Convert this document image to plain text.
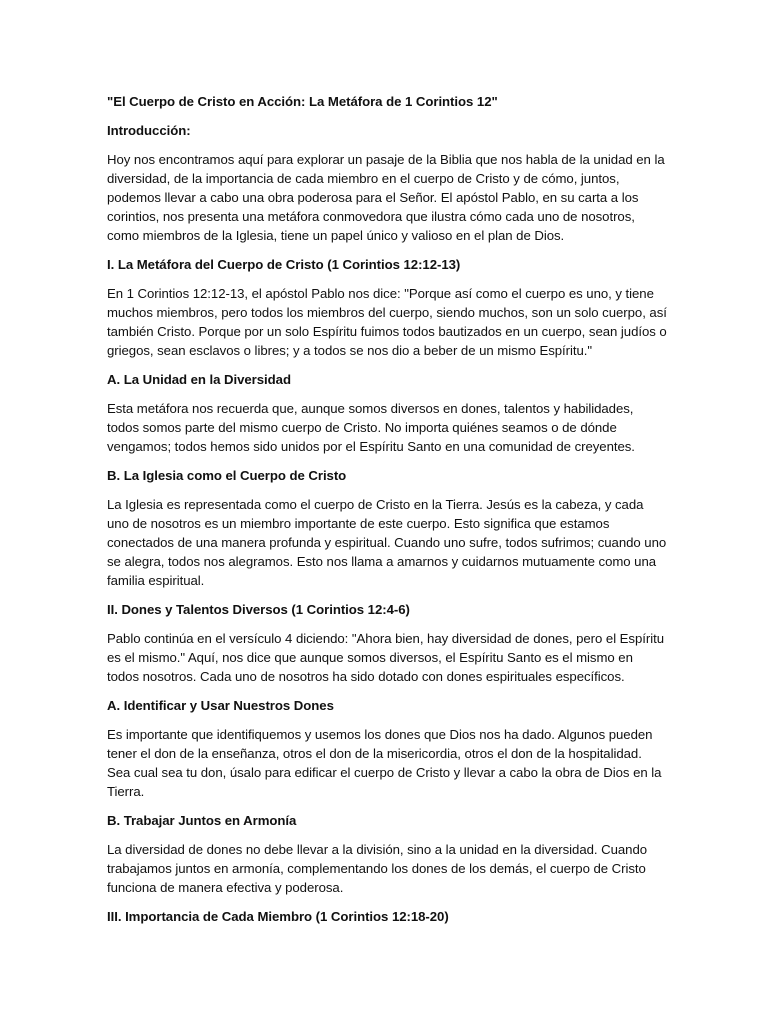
"El Cuerpo de Cristo en Acción: La Metáfora de 1 Corintios 12"

Introducción:

Hoy nos encontramos aquí para explorar un pasaje de la Biblia que nos habla de la unidad en la diversidad, de la importancia de cada miembro en el cuerpo de Cristo y de cómo, juntos, podemos llevar a cabo una obra poderosa para el Señor. El apóstol Pablo, en su carta a los corintios, nos presenta una metáfora conmovedora que ilustra cómo cada uno de nosotros, como miembros de la Iglesia, tiene un papel único y valioso en el plan de Dios.

I. La Metáfora del Cuerpo de Cristo (1 Corintios 12:12-13)

En 1 Corintios 12:12-13, el apóstol Pablo nos dice: "Porque así como el cuerpo es uno, y tiene muchos miembros, pero todos los miembros del cuerpo, siendo muchos, son un solo cuerpo, así también Cristo. Porque por un solo Espíritu fuimos todos bautizados en un cuerpo, sean judíos o griegos, sean esclavos o libres; y a todos se nos dio a beber de un mismo Espíritu."

A. La Unidad en la Diversidad

Esta metáfora nos recuerda que, aunque somos diversos en dones, talentos y habilidades, todos somos parte del mismo cuerpo de Cristo. No importa quiénes seamos o de dónde vengamos; todos hemos sido unidos por el Espíritu Santo en una comunidad de creyentes.

B. La Iglesia como el Cuerpo de Cristo

La Iglesia es representada como el cuerpo de Cristo en la Tierra. Jesús es la cabeza, y cada uno de nosotros es un miembro importante de este cuerpo. Esto significa que estamos conectados de una manera profunda y espiritual. Cuando uno sufre, todos sufrimos; cuando uno se alegra, todos nos alegramos. Esto nos llama a amarnos y cuidarnos mutuamente como una familia espiritual.

II. Dones y Talentos Diversos (1 Corintios 12:4-6)

Pablo continúa en el versículo 4 diciendo: "Ahora bien, hay diversidad de dones, pero el Espíritu es el mismo." Aquí, nos dice que aunque somos diversos, el Espíritu Santo es el mismo en todos nosotros. Cada uno de nosotros ha sido dotado con dones espirituales específicos.

A. Identificar y Usar Nuestros Dones

Es importante que identifiquemos y usemos los dones que Dios nos ha dado. Algunos pueden tener el don de la enseñanza, otros el don de la misericordia, otros el don de la hospitalidad. Sea cual sea tu don, úsalo para edificar el cuerpo de Cristo y llevar a cabo la obra de Dios en la Tierra.

B. Trabajar Juntos en Armonía

La diversidad de dones no debe llevar a la división, sino a la unidad en la diversidad. Cuando trabajamos juntos en armonía, complementando los dones de los demás, el cuerpo de Cristo funciona de manera efectiva y poderosa.

III. Importancia de Cada Miembro (1 Corintios 12:18-20)
